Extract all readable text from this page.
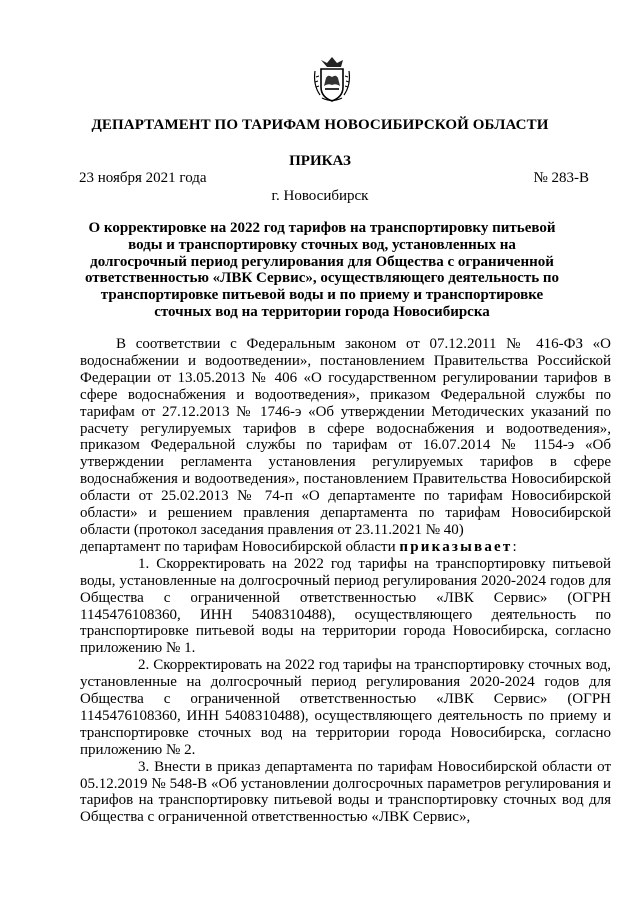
ДЕПАРТАМЕНТ ПО ТАРИФАМ НОВОСИБИРСКОЙ ОБЛАСТИ
ПРИКАЗ
23 ноября 2021 года	№ 283-В
г. Новосибирск
О корректировке на 2022 год тарифов на транспортировку питьевой воды и транспортировку сточных вод, установленных на долгосрочный период регулирования для Общества с ограниченной ответственностью «ЛВК Сервис», осуществляющего деятельность по транспортировке питьевой воды и по приему и транспортировке сточных вод на территории города Новосибирска

В соответствии с Федеральным законом от 07.12.2011 № 416-ФЗ «О водоснабжении и водоотведении», постановлением Правительства Российской Федерации от 13.05.2013 № 406 «О государственном регулировании тарифов в сфере водоснабжения и водоотведения», приказом Федеральной службы по тарифам от 27.12.2013 № 1746-э «Об утверждении Методических указаний по расчету регулируемых тарифов в сфере водоснабжения и водоотведения», приказом Федеральной службы по тарифам от 16.07.2014 № 1154-э «Об утверждении регламента установления регулируемых тарифов в сфере водоснабжения и водоотведения», постановлением Правительства Новосибирской области от 25.02.2013 № 74-п «О департаменте по тарифам Новосибирской области» и решением правления департамента по тарифам Новосибирской области (протокол заседания правления от 23.11.2021 № 40)

департамент по тарифам Новосибирской области приказывает:

1. Скорректировать на 2022 год тарифы на транспортировку питьевой воды, установленные на долгосрочный период регулирования 2020-2024 годов для Общества с ограниченной ответственностью «ЛВК Сервис» (ОГРН 1145476108360, ИНН 5408310488), осуществляющего деятельность по транспортировке питьевой воды на территории города Новосибирска, согласно приложению № 1.

2. Скорректировать на 2022 год тарифы на транспортировку сточных вод, установленные на долгосрочный период регулирования 2020-2024 годов для Общества с ограниченной ответственностью «ЛВК Сервис» (ОГРН 1145476108360, ИНН 5408310488), осуществляющего деятельность по приему и транспортировке сточных вод на территории города Новосибирска, согласно приложению № 2.

3. Внести в приказ департамента по тарифам Новосибирской области от 05.12.2019 № 548-В «Об установлении долгосрочных параметров регулирования и тарифов на транспортировку питьевой воды и транспортировку сточных вод для Общества с ограниченной ответственностью «ЛВК Сервис»,
